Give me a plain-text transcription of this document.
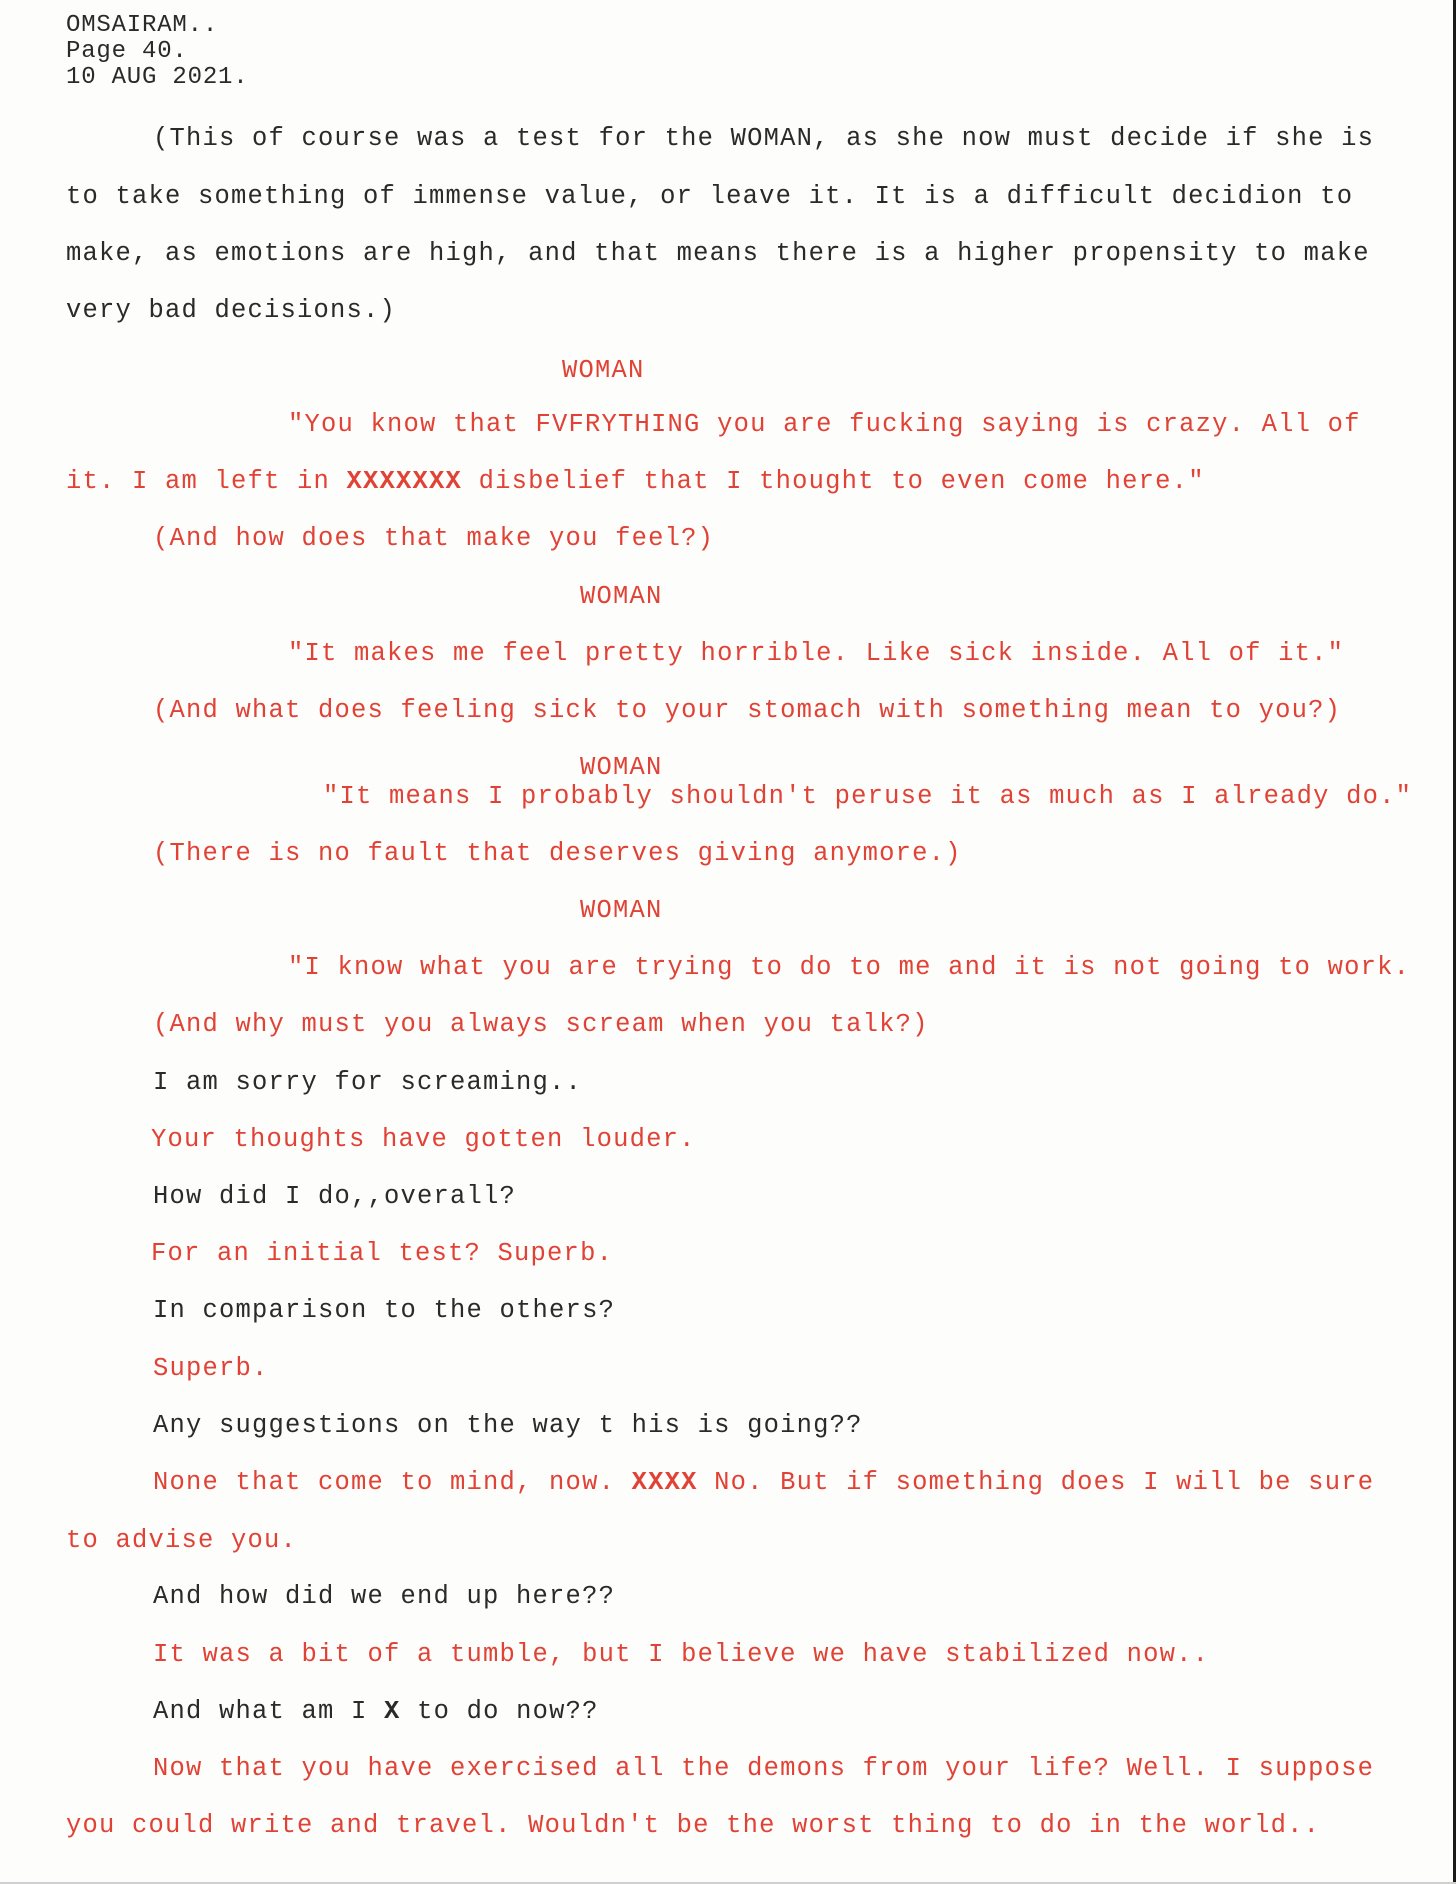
OMSAIRAM..
Page 40.
10 AUG 2021.
(This of course was a test for the WOMAN, as she now must decide if she is
to take something of immense value, or leave it. It is a difficult decidion to
make, as emotions are high, and that means there is a higher propensity to make
very bad decisions.)
WOMAN
"You know that FVFRYTHING you are fucking saying is crazy. All of
it. I am left in XXXXXXX disbelief that I thought to even come here."
(And how does that make you feel?)
WOMAN
"It makes me feel pretty horrible. Like sick inside. All of it."
(And what does feeling sick to your stomach with something mean to you?)
WOMAN
"It means I probably shouldn't peruse it as much as I already do."
(There is no fault that deserves giving anymore.)
WOMAN
"I know what you are trying to do to me and it is not going to work.
(And why must you always scream when you talk?)
I am sorry for screaming..
Your thoughts have gotten louder.
How did I do,,overall?
For an initial test? Superb.
In comparison to the others?
Superb.
Any suggestions on the way t his is going??
None that come to mind, now. XXXX No. But if something does I will be sure
to advise you.
And how did we end up here??
It was a bit of a tumble, but I believe we have stabilized now..
And what am I X to do now??
Now that you have exercised all the demons from your life? Well. I suppose
you could write and travel. Wouldn't be the worst thing to do in the world..
